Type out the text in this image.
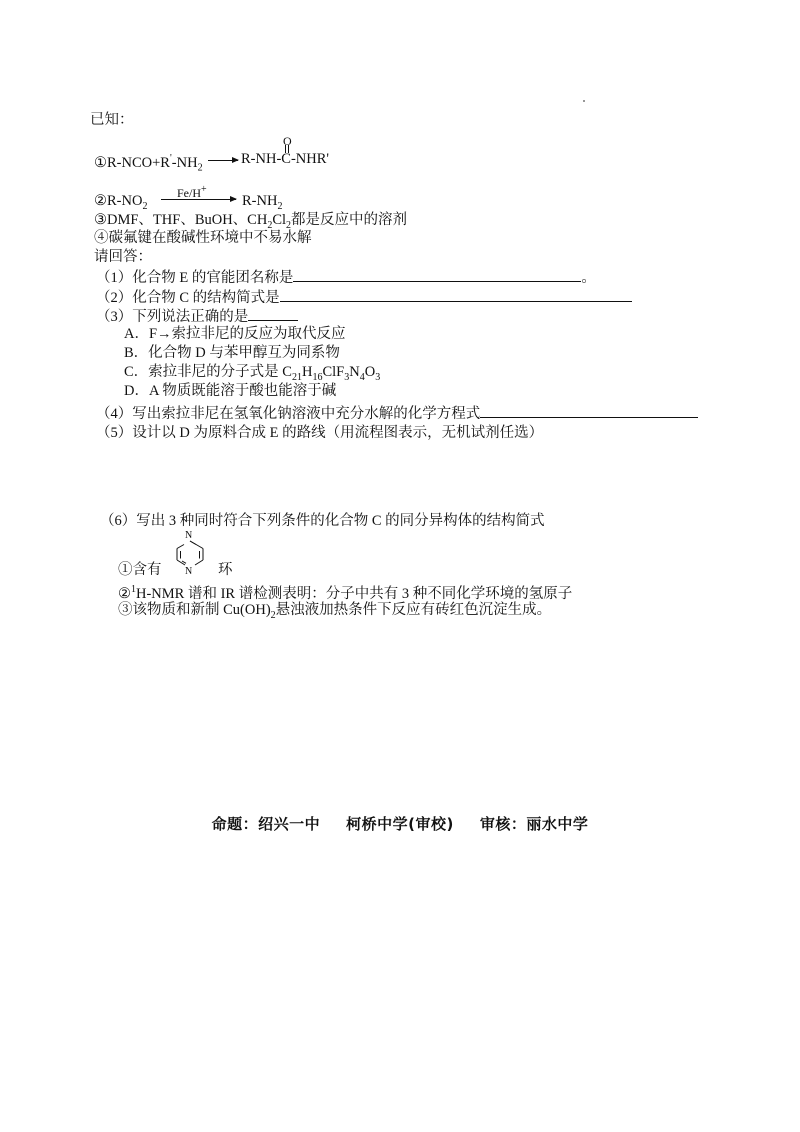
已知：
$①R-NCO+R'-NH_2$
→ R-NH-C-NHR'
O
$②R-NO_2$
Fe/H+
$R-NH_2$
③DMF、THF、BuOH、$CH_2Cl_2$都是反应中的溶剂
④碳氟键在酸碱性环境中不易水解
请回答：
（1）化合物 E 的官能团名称是	。
（2）化合物 C 的结构简式是
（3）下列说法正确的是
A．F→索拉非尼的反应为取代反应
B．化合物 D 与苯甲醇互为同系物
C．索拉非尼的分子式是 $C_{21}H_{16}ClF_3N_4O_3$
D．A 物质既能溶于酸也能溶于碱
（4）写出索拉非尼在氢氧化钠溶液中充分水解的化学方程式
（5）设计以 D 为原料合成 E 的路线（用流程图表示，无机试剂任选）
（6）写出 3 种同时符合下列条件的化合物 C 的同分异构体的结构简式
N
N
①含有	环
②$^1$H-NMR 谱和 IR 谱检测表明：分子中共有 3 种不同化学环境的氢原子
③该物质和新制 $Cu(OH)_2$悬浊液加热条件下反应有砖红色沉淀生成。
命题：绍兴一中 柯桥中学(审校) 审核：丽水中学
